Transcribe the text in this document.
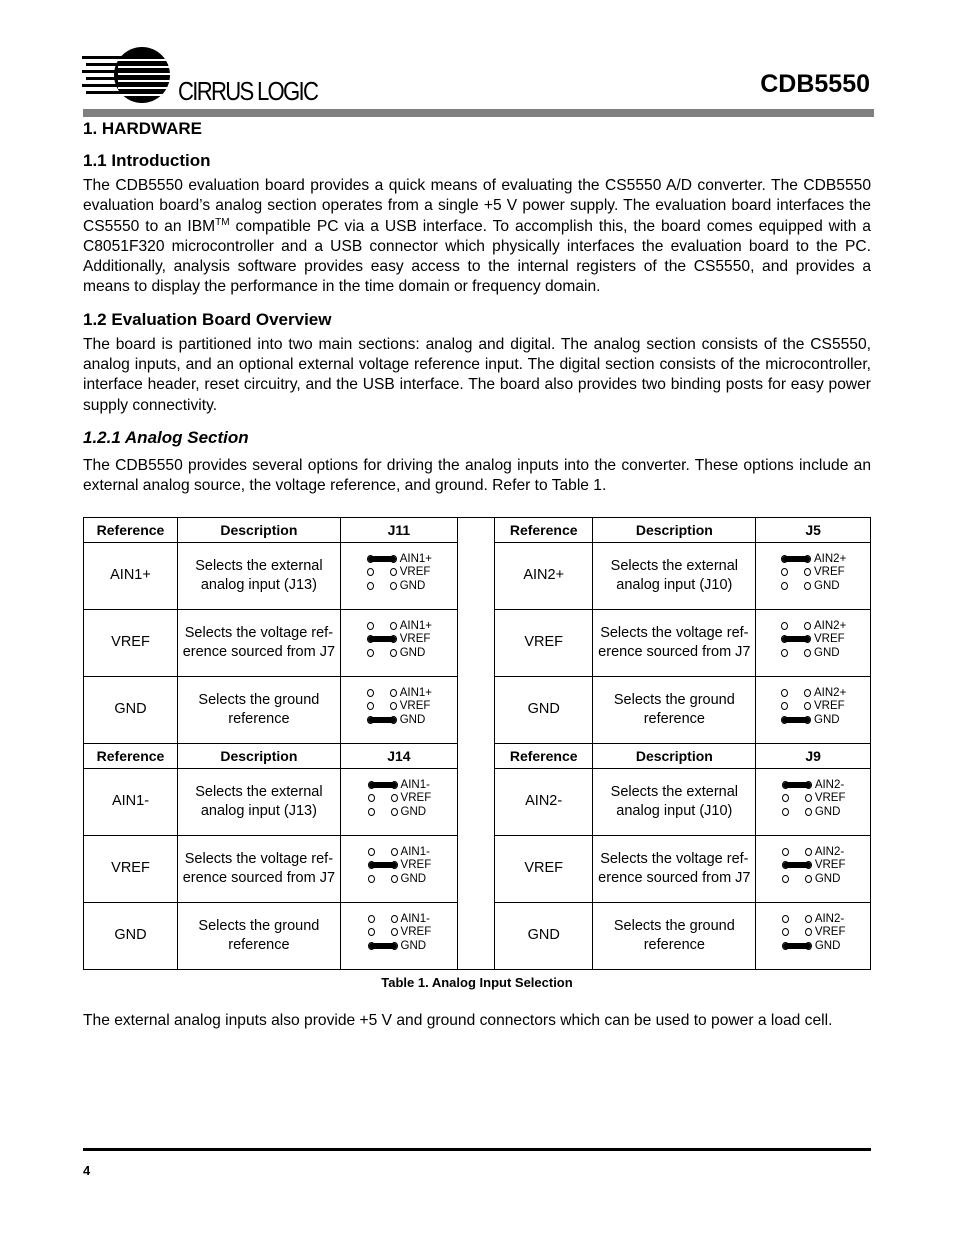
CIRRUS LOGIC	CDB5550
1. HARDWARE
1.1 Introduction
The CDB5550 evaluation board provides a quick means of evaluating the CS5550 A/D converter. The CDB5550 evaluation board’s analog section operates from a single +5 V power supply. The evaluation board interfaces the CS5550 to an IBM™ compatible PC via a USB interface. To accomplish this, the board comes equipped with a C8051F320 microcontroller and a USB connector which physically interfaces the evaluation board to the PC. Additionally, analysis software provides easy access to the internal registers of the CS5550, and provides a means to display the performance in the time domain or frequency domain.
1.2 Evaluation Board Overview
The board is partitioned into two main sections: analog and digital. The analog section consists of the CS5550, analog inputs, and an optional external voltage reference input. The digital section consists of the microcontroller, interface header, reset circuitry, and the USB interface. The board also provides two binding posts for easy power supply connectivity.
1.2.1 Analog Section
The CDB5550 provides several options for driving the analog inputs into the converter. These options include an external analog source, the voltage reference, and ground. Refer to Table 1.
Reference	Description	J11
AIN1+	Selects the external analog input (J13)	AIN1+
VREF
GND

VREF	Selects the voltage ref-erence sourced from J7	AIN1+
VREF
GND

GND	Selects the ground reference	AIN1+
VREF
GND

Reference	Description	J14
AIN1-	Selects the external analog input (J13)	AIN1-
VREF
GND

VREF	Selects the voltage ref-erence sourced from J7	AIN1-
VREF
GND

GND	Selects the ground reference	AIN1-
VREF
GND
Reference	Description	J5
AIN2+	Selects the external analog input (J10)	AIN2+
VREF
GND

VREF	Selects the voltage ref-erence sourced from J7	AIN2+
VREF
GND

GND	Selects the ground reference	AIN2+
VREF
GND

Reference	Description	J9
AIN2-	Selects the external analog input (J10)	AIN2-
VREF
GND

VREF	Selects the voltage ref-erence sourced from J7	AIN2-
VREF
GND

GND	Selects the ground reference	AIN2-
VREF
GND
Table 1. Analog Input Selection
The external analog inputs also provide +5 V and ground connectors which can be used to power a load cell.
4
